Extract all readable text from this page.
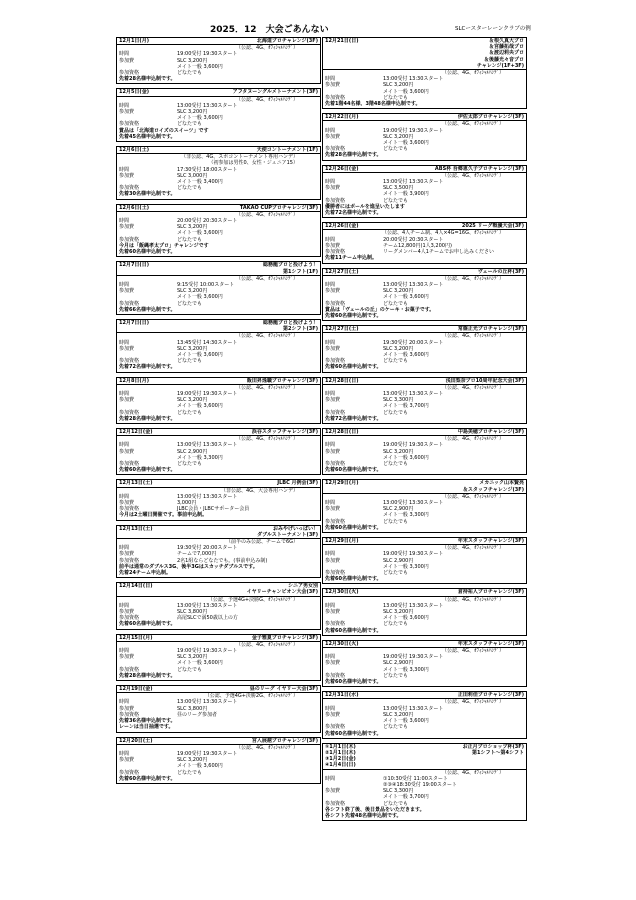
2025．12　大会ごあんない	SLCースターレーンクラブの例
12月1日(月)	北海道プロチャレンジ(3F)
（公認、4G、ｵﾌｨｼｬﾙﾊﾝﾃﾞ）
時間	19:00受付 19:30スタート
参加費	SLC 3,200円
メイト一般 3,600円
参加資格	どなたでも
先着28名様申込制です。
12月5日(金)	アフタヌーングルメトーナメント(3F)
（公認、4G、ｵﾌｨｼｬﾙﾊﾝﾃﾞ）
時間	13:00受付 13:30スタート
参加費	SLC 3,200円
メイト一般 3,600円
参加資格	どなたでも
賞品は「北海道ロイズのスイーツ」です
先着45名様申込制です。
12月6日(土)	天使コントーナメント(1F)
（非公認、4G、スポコントーナメント専用ハンデ）
（初参加は男性0、女性・ジュニア15）
時間	17:30受付 18:00スタート
参加費	SLC 3,000円
メイト一般 3,400円
参加資格	どなたでも
先着30名様申込制です。
12月6日(土)	TAKAO CUPプロチャレンジ(3F)
（公認、4G、ｵﾌｨｼｬﾙﾊﾝﾃﾞ）
時間	20:00受付 20:30スタート
参加費	SLC 3,200円
メイト一般 3,600円
参加資格	どなたでも
今月は「飯縄孝太プロ」チャレンジです
先着60名様申込制です。
12月7日(日)	総務龍プロと投げよう！
第1シフト(1F)
（公認、4G、ｵﾌｨｼｬﾙﾊﾝﾃﾞ）
時間	9:15受付 10:00スタート
参加費	SLC 3,200円
メイト一般 3,600円
参加資格	どなたでも
先着66名様申込制です。
12月7日(日)	総務龍プロと投げよう！
第2シフト(3F)
（公認、4G、ｵﾌｨｼｬﾙﾊﾝﾃﾞ）
時間	13:45受付 14:30スタート
参加費	SLC 3,200円
メイト一般 3,600円
参加資格	どなたでも
先着72名様申込制です。
12月8日(月)	飯田昇逸職プロチャレンジ(3F)
（公認、4G、ｵﾌｨｼｬﾙﾊﾝﾃﾞ）
時間	19:00受付 19:30スタート
参加費	SLC 3,200円
メイト一般 3,600円
参加資格	どなたでも
先着28名様申込制です。
12月12日(金)	浜谷スタッフチャレンジ(3F)
（公認、4G、ｵﾌｨｼｬﾙﾊﾝﾃﾞ）
時間	13:00受付 13:30スタート
参加費	SLC 2,900円
メイト一般 3,300円
参加資格	どなたでも
先着60名様申込制です。
12月13日(土)	JLBC 月例会(3F)
（非公認、4G、大会専用ハンデ）
時間	13:00受付 13:30スタート
参加費	3,000円
参加資格	JLBC会員・JLBCサポーター会員
今月は2土曜日開催です。事前申込制。
12月13日(土)	おみやげいっぱい！
ダブルストーナメント(3F)
（前半のみ公認、チームで6G）
時間	19:30受付 20:00スタート
参加費	チームで7,000円
参加資格	2名1組ならどなたでも。(事前申込み制)
前半は通常のダブルス3G、後半3Gはスカッチダブルスです。
先着24チーム申込制。
12月14日(日)	シニア男女別
イヤリーチャンピオン大会(3F)
（公認、予選4G+決勝G、ｵﾌｨｼｬﾙﾊﾝﾃﾞ）
時間	13:00受付 13:30スタート
参加費	SLC 3,800円
参加資格	高尾SLCで満50歳以上の方
先着60名様申込制です。
12月15日(月)	金子雅夏プロチャレンジ(3F)
（公認、4G、ｵﾌｨｼｬﾙﾊﾝﾃﾞ）
時間	19:00受付 19:30スタート
参加費	SLC 3,200円
メイト一般 3,600円
参加資格	どなたでも
先着28名様申込制です。
12月19日(金)	昼のリーグ イヤリー大会(3F)
（公認、予選4G+決勝2G、ｵﾌｨｼｬﾙﾊﾝﾃﾞ）
時間	13:00受付 13:30スタート
参加費	SLC 3,800円
参加資格	昼のリーグ参加者
先着36名様申込制です。
レーンは当日抽選です。
12月20日(土)	宮入展越プロチャレンジ(3F)
（公認、4G、ｵﾌｨｼｬﾙﾊﾝﾃﾞ）
時間	19:00受付 19:30スタート
参加費	SLC 3,200円
メイト一般 3,600円
参加資格	どなたでも
先着60名様申込制です。
12月21日(日)	＆根久真大プロ
＆宮藤拓哉プロ
＆渡辺莉央プロ
＆後藤光々音プロ
チャレンジ(1F+3F)
（公認、4G、ｵﾌｨｼｬﾙﾊﾝﾃﾞ）
時間	13:00受付 13:30スタート
参加費	SLC 3,200円
メイト一般 3,600円
参加資格	どなたでも
先着1階44名様、3階48名様申込制です。
12月22日(月)	伊佐太郎プロチャレンジ(3F)
（公認、4G、ｵﾌｨｼｬﾙﾊﾝﾃﾞ）
時間	19:00受付 19:30スタート
参加費	SLC 3,200円
メイト一般 3,600円
参加資格	どなたでも
先着28名様申込制です。
12月26日(金)	ABS杯 吾郷恵久子プロチャレンジ(3F)
（公認、4G、ｵﾌｨｼｬﾙﾊﾝﾃﾞ）
時間	13:00受付 13:30スタート
参加費	SLC 3,500円
メイト一般 3,900円
参加資格	どなたでも
優勝者にはボールを進呈いたします
先着72名様申込制です。
12月26日(金)	2025 リーグ戦優大会(3F)
（公認、4人チーム制、4人×4G=16G、ｵﾌｨｼｬﾙﾊﾝﾃﾞ）
時間	20:00受付 20:30スタート
参加費	チーム12,800円(1人3,200円)
参加資格	リーグメンバー4人1チームでお申し込みください
先着11チーム申込制。
12月27日(土)	ヴェールの丘杯(3F)
（公認、4G、ｵﾌｨｼｬﾙﾊﾝﾃﾞ）
時間	13:00受付 13:30スタート
参加費	SLC 3,200円
メイト一般 3,600円
参加資格	どなたでも
賞品は「ヴェールの丘」のケーキ・お菓子です。
先着60名様申込制です。
12月27日(土)	常盤正光プロチャレンジ(3F)
（公認、4G、ｵﾌｨｼｬﾙﾊﾝﾃﾞ）
時間	19:30受付 20:00スタート
参加費	SLC 3,200円
メイト一般 3,600円
参加資格	どなたでも
先着60名様申込制です。
12月28日(日)	浅田梨奈プロ10周年記念大会(3F)
（公認、4G、ｵﾌｨｼｬﾙﾊﾝﾃﾞ）
時間	13:00受付 13:30スタート
参加費	SLC 3,300円
メイト一般 3,700円
参加資格	どなたでも
先着72名様申込制です。
12月28日(日)	中島美穂プロチャレンジ(3F)
（公認、4G、ｵﾌｨｼｬﾙﾊﾝﾃﾞ）
時間	19:00受付 19:30スタート
参加費	SLC 3,200円
メイト一般 3,600円
参加資格	どなたでも
先着60名様申込制です。
12月29日(月)	メカニック山本賢亮
＆スタッフチャレンジ(3F)
（公認、4G、ｵﾌｨｼｬﾙﾊﾝﾃﾞ）
時間	13:00受付 13:30スタート
参加費	SLC 2,900円
メイト一般 3,300円
参加資格	どなたでも
先着60名様申込制です。
12月29日(月)	年末スタッフチャレンジ(3F)
（公認、4G、ｵﾌｨｼｬﾙﾊﾝﾃﾞ）
時間	19:00受付 19:30スタート
参加費	SLC 2,900円
メイト一般 3,300円
参加資格	どなたでも
先着60名様申込制です。
12月30日(火)	倉持祐人プロチャレンジ(3F)
（公認、4G、ｵﾌｨｼｬﾙﾊﾝﾃﾞ）
時間	13:00受付 13:30スタート
参加費	SLC 3,200円
メイト一般 3,600円
参加資格	どなたでも
先着60名様申込制です。
12月30日(火)	年末スタッフチャレンジ(3F)
（公認、4G、ｵﾌｨｼｬﾙﾊﾝﾃﾞ）
時間	19:00受付 19:30スタート
参加費	SLC 2,900円
メイト一般 3,300円
参加資格	どなたでも
先着60名様申込制です。
12月31日(水)	正田莉佳プロチャレンジ(3F)
（公認、4G、ｵﾌｨｼｬﾙﾊﾝﾃﾞ）
時間	13:00受付 13:30スタート
参加費	SLC 3,200円
メイト一般 3,600円
参加資格	どなたでも
先着60名様申込制です。
①1月1日(木)
②1月1日(木)
③1月2日(金)
④1月4日(日)
お正月プロショップ杯(3F)
第1シフト～第4シフト
（公認、4G、ｵﾌｨｼｬﾙﾊﾝﾃﾞ）
時間	①10:30受付 11:00スタート
②③④18:30受付 19:00スタート
参加費	SLC 3,300円
メイト一般 3,700円
参加資格	どなたでも
各シフト終了後、後日景品をいただきます。
各シフト先着48名様申込制です。
